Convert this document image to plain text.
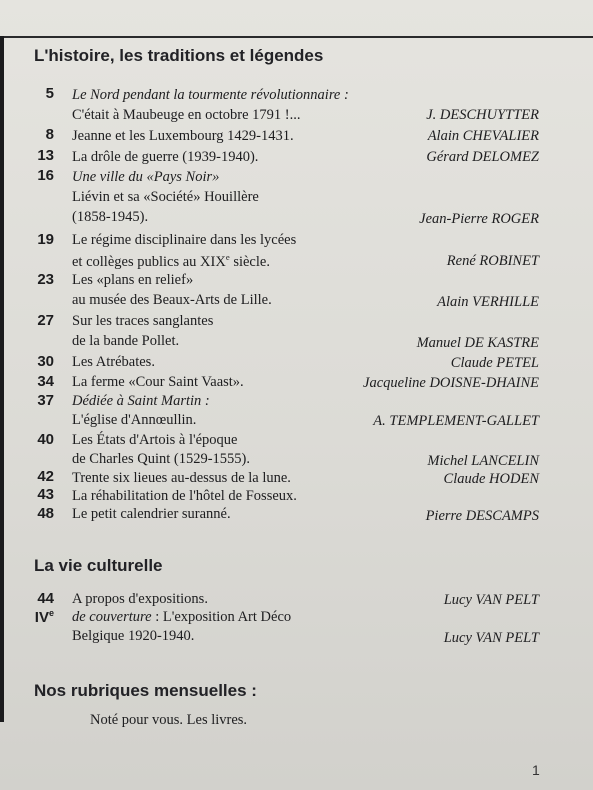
L'histoire, les traditions et légendes
5 Le Nord pendant la tourmente révolutionnaire :
C'était à Maubeuge en octobre 1791 !...	J. DESCHUYTTER
8 Jeanne et les Luxembourg 1429-1431.	Alain CHEVALIER
13 La drôle de guerre (1939-1940).	Gérard DELOMEZ
16 Une ville du «Pays Noir»
Liévin et sa «Société» Houillère
(1858-1945).	Jean-Pierre ROGER
19 Le régime disciplinaire dans les lycées
et collèges publics au XIXe siècle.	René ROBINET
23 Les «plans en relief»
au musée des Beaux-Arts de Lille.	Alain VERHILLE
27 Sur les traces sanglantes
de la bande Pollet.	Manuel DE KASTRE
30 Les Atrébates.	Claude PETEL
34 La ferme «Cour Saint Vaast».	Jacqueline DOISNE-DHAINE
37 Dédiée à Saint Martin :
L'église d'Annœullin.	A. TEMPLEMENT-GALLET
40 Les États d'Artois à l'époque
de Charles Quint (1529-1555).	Michel LANCELIN
42 Trente six lieues au-dessus de la lune.	Claude HODEN
43 La réhabilitation de l'hôtel de Fosseux.
48 Le petit calendrier suranné.	Pierre DESCAMPS
La vie culturelle
44 A propos d'expositions.	Lucy VAN PELT
IVe de couverture : L'exposition Art Déco
Belgique 1920-1940.	Lucy VAN PELT
Nos rubriques mensuelles :
Noté pour vous. Les livres.
1
